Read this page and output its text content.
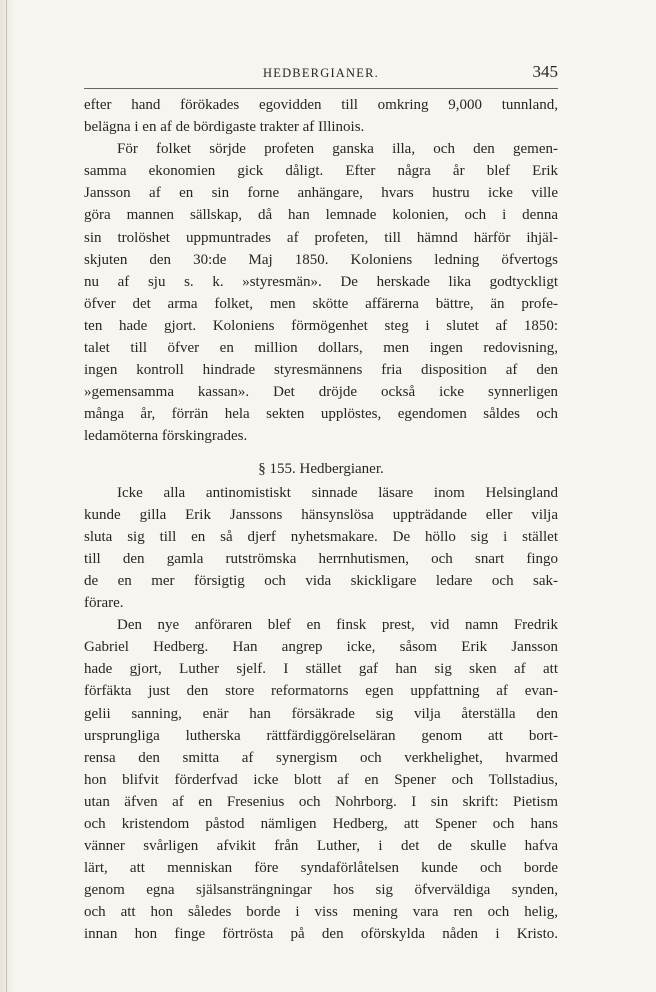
HEDBERGIANER.	345
efter hand förökades egovidden till omkring 9,000 tunnland,
belägna i en af de bördigaste trakter af Illinois.
För folket sörjde profeten ganska illa, och den gemen-
samma ekonomien gick dåligt. Efter några år blef Erik
Jansson af en sin forne anhängare, hvars hustru icke ville
göra mannen sällskap, då han lemnade kolonien, och i denna
sin trolöshet uppmuntrades af profeten, till hämnd härför ihjäl-
skjuten den 30:de Maj 1850. Koloniens ledning öfvertogs
nu af sju s. k. »styresmän». De herskade lika godtyckligt
öfver det arma folket, men skötte affärerna bättre, än profe-
ten hade gjort. Koloniens förmögenhet steg i slutet af 1850:
talet till öfver en million dollars, men ingen redovisning,
ingen kontroll hindrade styresmännens fria disposition af den
»gemensamma kassan». Det dröjde också icke synnerligen
många år, förrän hela sekten upplöstes, egendomen såldes och
ledamöterna förskingrades.
§ 155. Hedbergianer.
Icke alla antinomistiskt sinnade läsare inom Helsingland
kunde gilla Erik Janssons hänsynslösa uppträdande eller vilja
sluta sig till en så djerf nyhetsmakare. De höllo sig i stället
till den gamla rutströmska herrnhutismen, och snart fingo
de en mer försigtig och vida skickligare ledare och sak-
förare.
Den nye anföraren blef en finsk prest, vid namn Fredrik
Gabriel Hedberg. Han angrep icke, såsom Erik Jansson
hade gjort, Luther sjelf. I stället gaf han sig sken af att
förfäkta just den store reformatorns egen uppfattning af evan-
gelii sanning, enär han försäkrade sig vilja återställa den
ursprungliga lutherska rättfärdiggörelseläran genom att bort-
rensa den smitta af synergism och verkhelighet, hvarmed
hon blifvit förderfvad icke blott af en Spener och Tollstadius,
utan äfven af en Fresenius och Nohrborg. I sin skrift: Pietism
och kristendom påstod nämligen Hedberg, att Spener och hans
vänner svårligen afvikit från Luther, i det de skulle hafva
lärt, att menniskan före syndaförlåtelsen kunde och borde
genom egna själsansträngningar hos sig öfverväldiga synden,
och att hon således borde i viss mening vara ren och helig,
innan hon finge förtrösta på den oförskylda nåden i Kristo.
